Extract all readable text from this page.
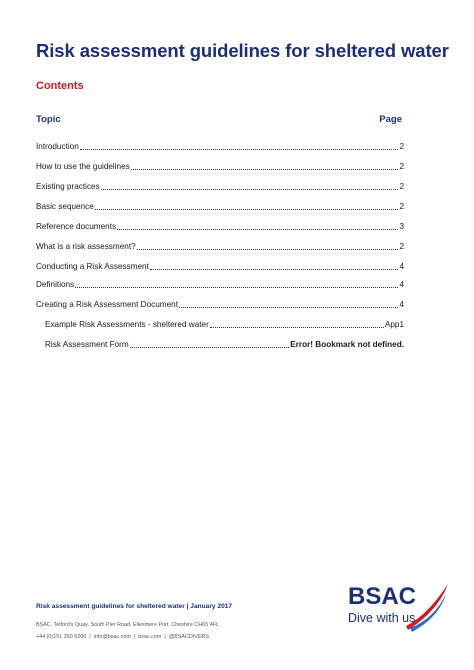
Risk assessment guidelines for sheltered water
Contents
Topic	Page
Introduction	2
How to use the guidelines	2
Existing practices	2
Basic sequence	2
Reference documents	3
What is a risk assessment?	2
Conducting a Risk Assessment	4
Definitions	4
Creating a Risk Assessment Document	4
Example Risk Assessments - sheltered water	App1
Risk Assessment Form	Error! Bookmark not defined.
Risk assessment guidelines for sheltered water | January 2017
BSAC, Telford's Quay, South Pier Road, Ellesmere Port, Cheshire CH65 4FL
+44 (0)151 350 6200 | info@bsac.com | bsac.com | @BSACDIVERS
BSAC
Dive with us
